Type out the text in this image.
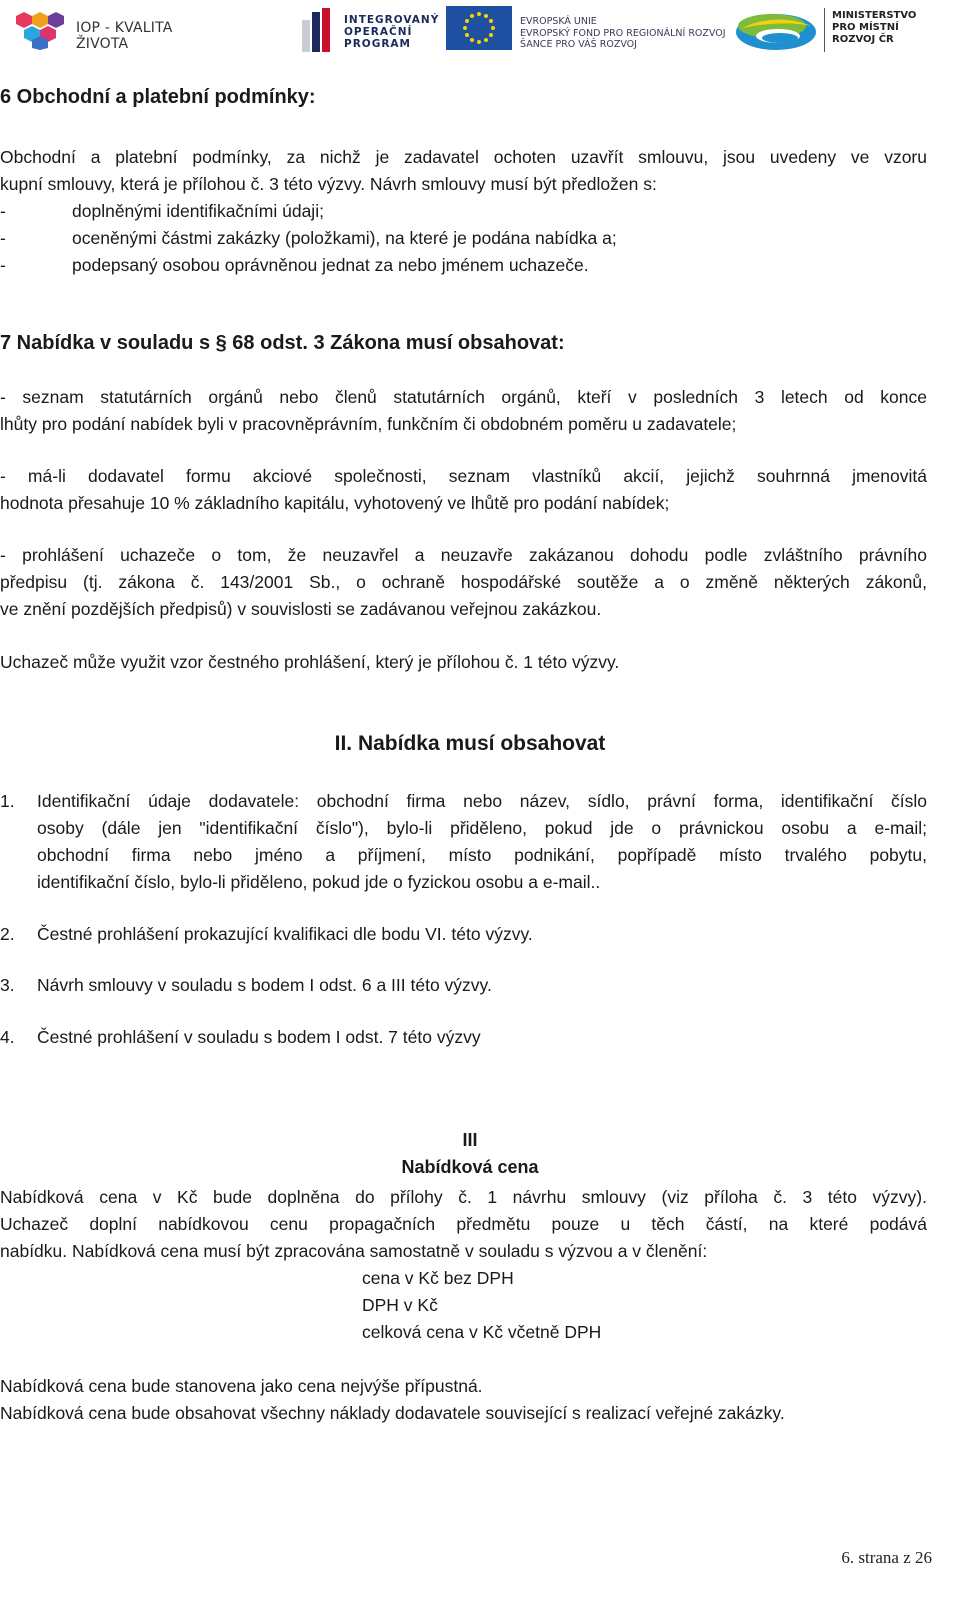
IOP - KVALITA ŽIVOTA
INTEGROVANÝ
OPERAČNÍ
PROGRAM
EVROPSKÁ UNIE
EVROPSKÝ FOND PRO REGIONÁLNÍ ROZVOJ
ŠANCE PRO VÁŠ ROZVOJ
MINISTERSTVO
PRO MÍSTNÍ
ROZVOJ ČR
6 Obchodní a platební podmínky:
Obchodní a platební podmínky, za nichž je zadavatel ochoten uzavřít smlouvu, jsou uvedeny ve vzoru
kupní smlouvy, která je přílohou č. 3 této výzvy. Návrh smlouvy musí být předložen s:
-	doplněnými identifikačními údaji;
-	oceněnými částmi zakázky (položkami), na které je podána nabídka a;
-	podepsaný osobou oprávněnou jednat za nebo jménem uchazeče.
7 Nabídka v souladu s § 68 odst. 3 Zákona musí obsahovat:
- seznam statutárních orgánů nebo členů statutárních orgánů, kteří v posledních 3 letech od konce
lhůty pro podání nabídek byli v pracovněprávním, funkčním či obdobném poměru u zadavatele;
- má-li dodavatel formu akciové společnosti, seznam vlastníků akcií, jejichž souhrnná jmenovitá
hodnota přesahuje 10 % základního kapitálu, vyhotovený ve lhůtě pro podání nabídek;
- prohlášení uchazeče o tom, že neuzavřel a neuzavře zakázanou dohodu podle zvláštního právního
předpisu (tj. zákona č. 143/2001 Sb., o ochraně hospodářské soutěže a o změně některých zákonů,
ve znění pozdějších předpisů) v souvislosti se zadávanou veřejnou zakázkou.
Uchazeč může využit vzor čestného prohlášení, který je přílohou č. 1 této výzvy.
II. Nabídka musí obsahovat
1. Identifikační údaje dodavatele: obchodní firma nebo název, sídlo, právní forma, identifikační číslo
osoby (dále jen "identifikační číslo"), bylo-li přiděleno, pokud jde o právnickou osobu a e-mail;
obchodní firma nebo jméno a příjmení, místo podnikání, popřípadě místo trvalého pobytu,
identifikační číslo, bylo-li přiděleno, pokud jde o fyzickou osobu a e-mail..
2. Čestné prohlášení prokazující kvalifikaci dle bodu VI. této výzvy.
3. Návrh smlouvy v souladu s bodem I odst. 6 a III této výzvy.
4. Čestné prohlášení v souladu s bodem I odst. 7 této výzvy
III
Nabídková cena
Nabídková cena v Kč bude doplněna do přílohy č. 1 návrhu smlouvy (viz příloha č. 3 této výzvy).
Uchazeč doplní nabídkovou cenu propagačních předmětu pouze u těch částí, na které podává
nabídku. Nabídková cena musí být zpracována samostatně v souladu s výzvou a v členění:
cena v Kč bez DPH
DPH v Kč
celková cena v Kč včetně DPH
Nabídková cena bude stanovena jako cena nejvýše přípustná.
Nabídková cena bude obsahovat všechny náklady dodavatele související s realizací veřejné zakázky.
6. strana z 26
